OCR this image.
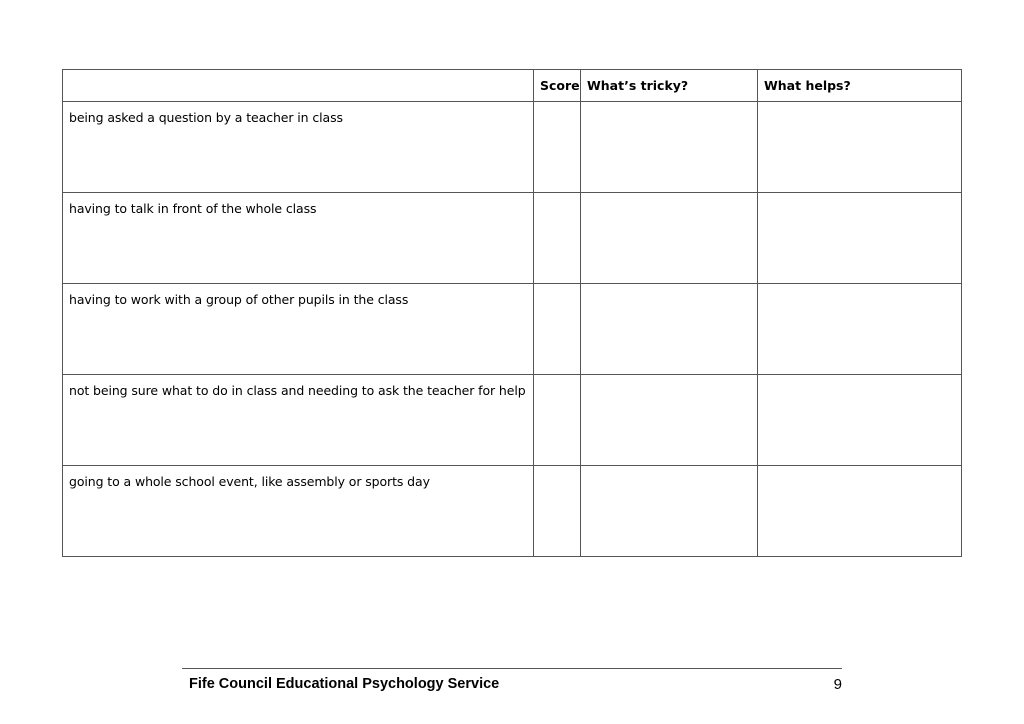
	Score	What’s tricky?	What helps?
being asked a question by a teacher in class			
having to talk in front of the whole class			
having to work with a group of other pupils in the class			
not being sure what to do in class and needing to ask the teacher for help			
going to a whole school event, like assembly or sports day			
Fife Council Educational Psychology Service	9
